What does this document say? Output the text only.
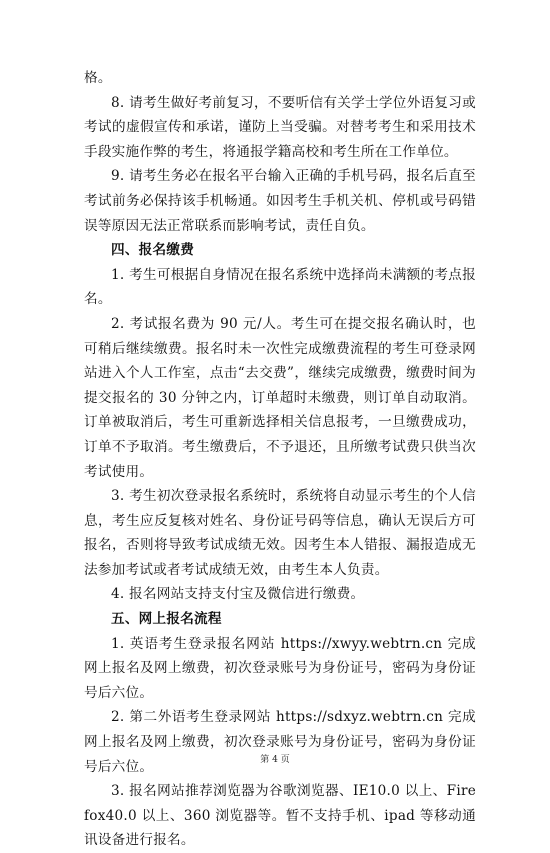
格。

8. 请考生做好考前复习，不要听信有关学士学位外语复习或考试的虚假宣传和承诺，谨防上当受骗。对替考考生和采用技术手段实施作弊的考生，将通报学籍高校和考生所在工作单位。

9. 请考生务必在报名平台输入正确的手机号码，报名后直至考试前务必保持该手机畅通。如因考生手机关机、停机或号码错误等原因无法正常联系而影响考试，责任自负。

四、报名缴费

1. 考生可根据自身情况在报名系统中选择尚未满额的考点报名。

2. 考试报名费为 90 元/人。考生可在提交报名确认时，也可稍后继续缴费。报名时未一次性完成缴费流程的考生可登录网站进入个人工作室，点击“去交费”，继续完成缴费，缴费时间为提交报名的 30 分钟之内，订单超时未缴费，则订单自动取消。订单被取消后，考生可重新选择相关信息报考，一旦缴费成功，订单不予取消。考生缴费后，不予退还，且所缴考试费只供当次考试使用。

3. 考生初次登录报名系统时，系统将自动显示考生的个人信息，考生应反复核对姓名、身份证号码等信息，确认无误后方可报名，否则将导致考试成绩无效。因考生本人错报、漏报造成无法参加考试或者考试成绩无效，由考生本人负责。

4. 报名网站支持支付宝及微信进行缴费。

五、网上报名流程

1. 英语考生登录报名网站 https://xwyy.webtrn.cn 完成网上报名及网上缴费，初次登录账号为身份证号，密码为身份证号后六位。

2. 第二外语考生登录网站 https://sdxyz.webtrn.cn 完成网上报名及网上缴费，初次登录账号为身份证号，密码为身份证号后六位。

3. 报名网站推荐浏览器为谷歌浏览器、IE10.0 以上、Firefox40.0 以上、360 浏览器等。暂不支持手机、ipad 等移动通讯设备进行报名。

第 4 页
